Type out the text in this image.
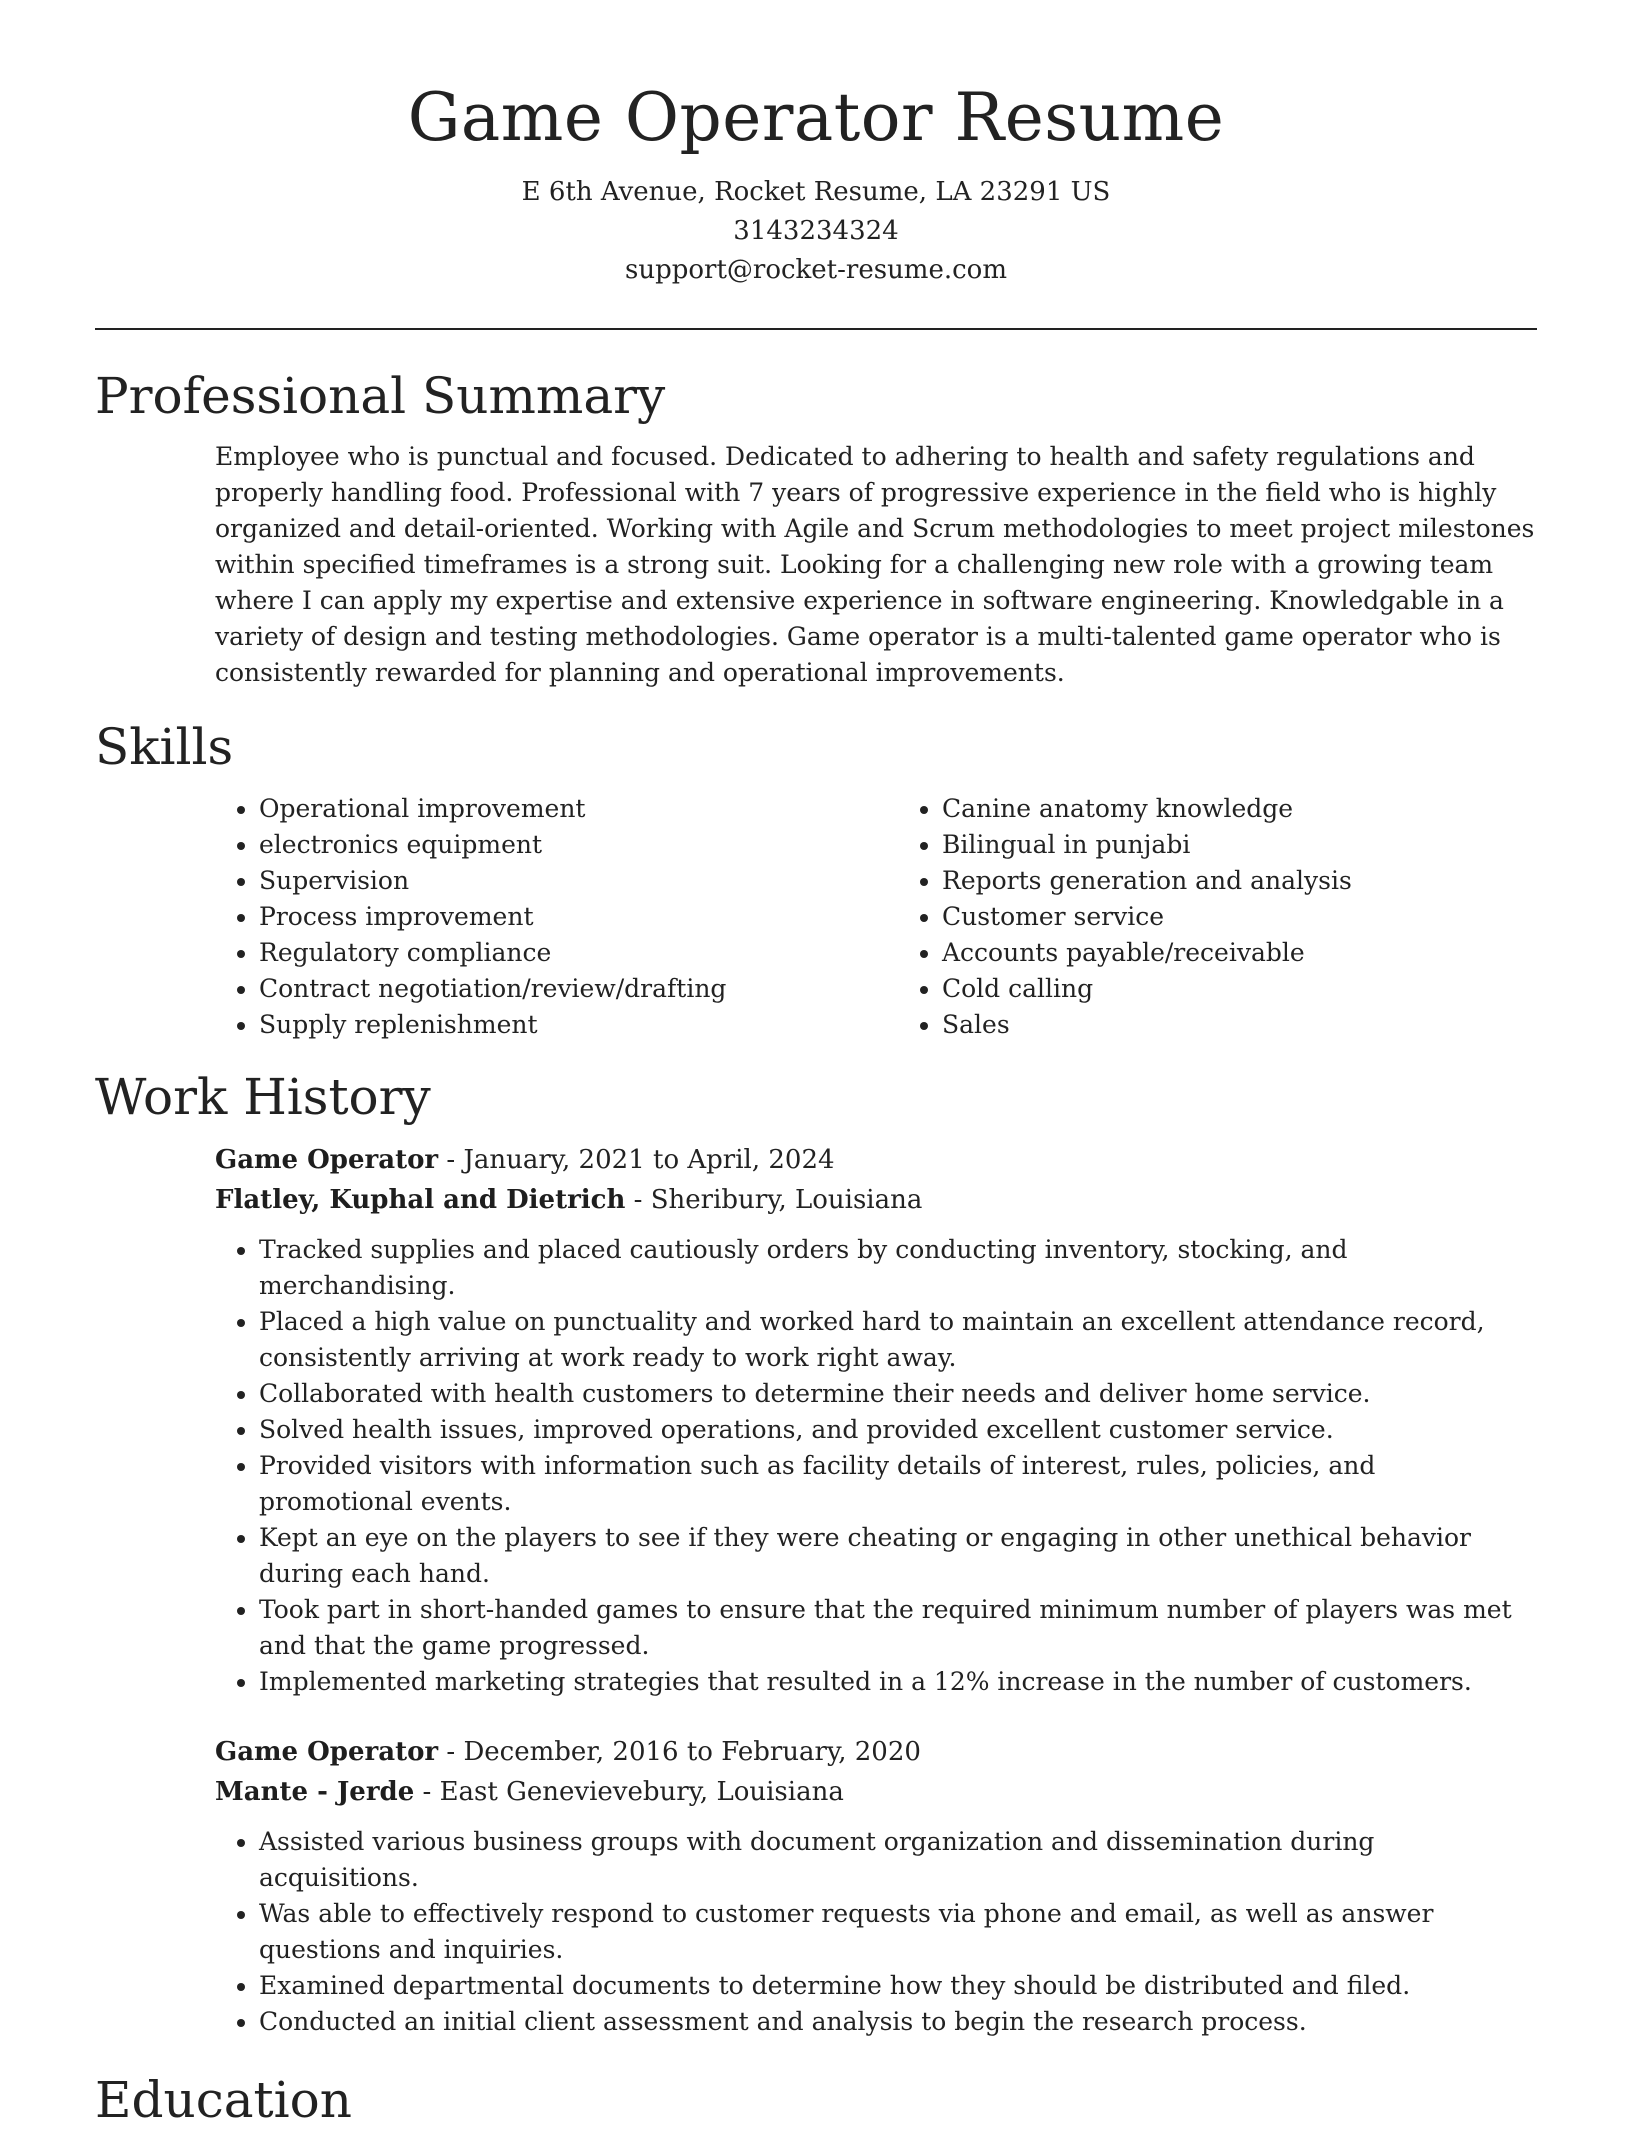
Game Operator Resume

E 6th Avenue, Rocket Resume, LA 23291 US

3143234324

support@rocket-resume.com

Professional Summary

Employee who is punctual and focused. Dedicated to adhering to health and safety regulations and properly handling food. Professional with 7 years of progressive experience in the field who is highly organized and detail-oriented. Working with Agile and Scrum methodologies to meet project milestones within specified timeframes is a strong suit. Looking for a challenging new role with a growing team where I can apply my expertise and extensive experience in software engineering. Knowledgable in a variety of design and testing methodologies. Game operator is a multi-talented game operator who is consistently rewarded for planning and operational improvements.

Skills
• Operational improvement
• electronics equipment
• Supervision
• Process improvement
• Regulatory compliance
• Contract negotiation/review/drafting
• Supply replenishment
• Canine anatomy knowledge
• Bilingual in punjabi
• Reports generation and analysis
• Customer service
• Accounts payable/receivable
• Cold calling
• Sales
Work History

Game Operator - January, 2021 to April, 2024

Flatley, Kuphal and Dietrich - Sheribury, Louisiana

• Tracked supplies and placed cautiously orders by conducting inventory, stocking, and merchandising.
• Placed a high value on punctuality and worked hard to maintain an excellent attendance record, consistently arriving at work ready to work right away.
• Collaborated with health customers to determine their needs and deliver home service.
• Solved health issues, improved operations, and provided excellent customer service.
• Provided visitors with information such as facility details of interest, rules, policies, and promotional events.
• Kept an eye on the players to see if they were cheating or engaging in other unethical behavior during each hand.
• Took part in short-handed games to ensure that the required minimum number of players was met and that the game progressed.
• Implemented marketing strategies that resulted in a 12% increase in the number of customers.

Game Operator - December, 2016 to February, 2020

Mante - Jerde - East Genevievebury, Louisiana

• Assisted various business groups with document organization and dissemination during acquisitions.
• Was able to effectively respond to customer requests via phone and email, as well as answer questions and inquiries.
• Examined departmental documents to determine how they should be distributed and filed.
• Conducted an initial client assessment and analysis to begin the research process.
Education
